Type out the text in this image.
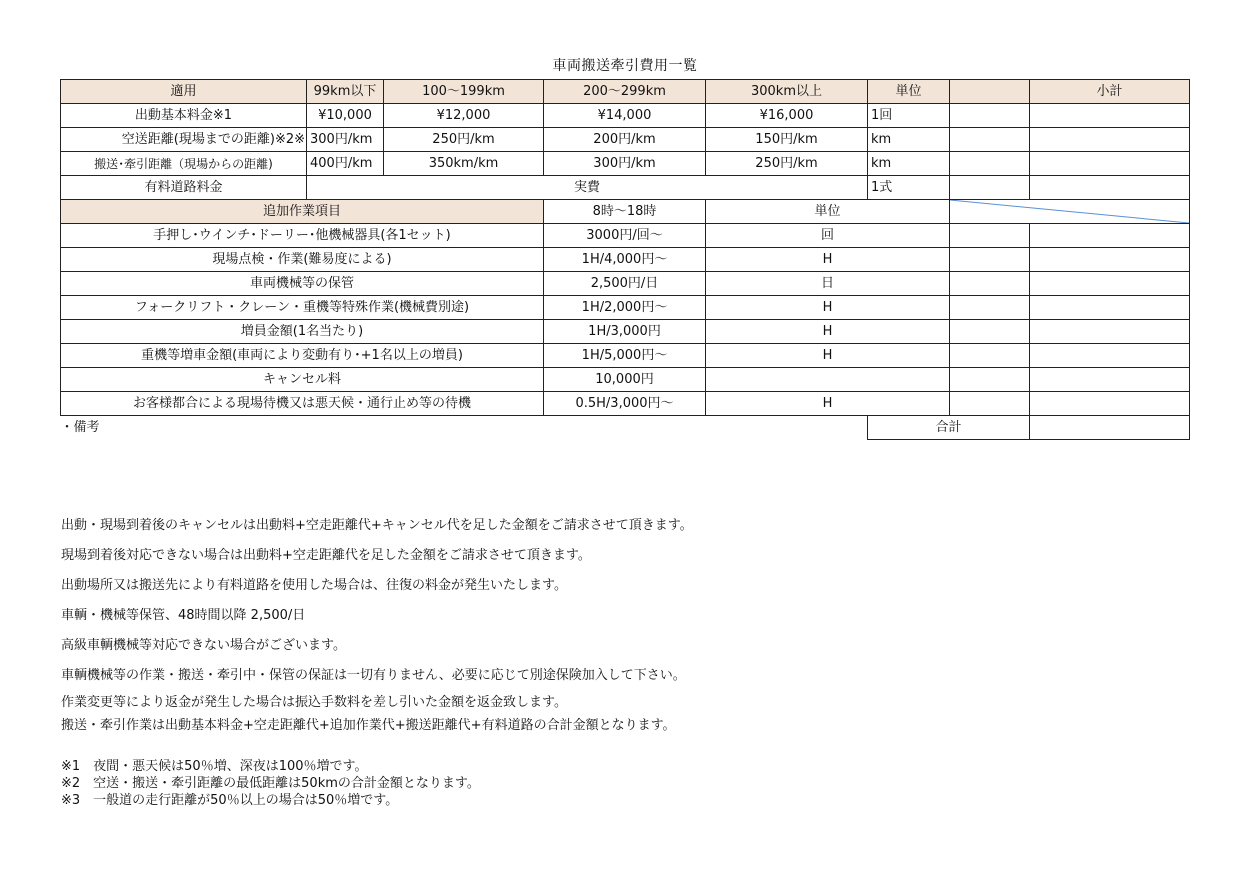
車両搬送牽引費用一覧
適用	99km以下	100～199km	200～299km	300km以上	単位		小計
出動基本料金※1	¥10,000	¥12,000	¥14,000	¥16,000	1回		
空送距離(現場までの距離)※2※	300円/km	250円/km	200円/km	150円/km	km		
搬送･牽引距離（現場からの距離)	400円/km	350km/km	300円/km	250円/km	km		
有料道路料金	実費				1式		
追加作業項目			8時～18時	単位	

手押し･ウインチ･ドーリー･他機械器具(各1セット)			3000円/回～	回			
現場点検・作業(難易度による)			1H/4,000円～	H			
車両機械等の保管			2,500円/日	日			
フォークリフト・クレーン・重機等特殊作業(機械費別途)			1H/2,000円～	H			
増員金額(1名当たり)			1H/3,000円	H			
重機等増車金額(車両により変動有り･+1名以上の増員)			1H/5,000円～	H			
キャンセル料			10,000円				
お客様都合による現場待機又は悪天候・通行止め等の待機			0.5H/3,000円～	H			
・備考					合計		
出動・現場到着後のキャンセルは出動料+空走距離代+キャンセル代を足した金額をご請求させて頂きます。
現場到着後対応できない場合は出動料+空走距離代を足した金額をご請求させて頂きます。
出動場所又は搬送先により有料道路を使用した場合は、往復の料金が発生いたします。
車輌・機械等保管、48時間以降 2,500/日
高級車輌機械等対応できない場合がございます。
車輌機械等の作業・搬送・牽引中・保管の保証は一切有りません、必要に応じて別途保険加入して下さい。
作業変更等により返金が発生した場合は振込手数料を差し引いた金額を返金致します。
搬送・牽引作業は出動基本料金+空走距離代+追加作業代+搬送距離代+有料道路の合計金額となります。
※1　夜間・悪天候は50％増、深夜は100％増です。
※2　空送・搬送・牽引距離の最低距離は50kmの合計金額となります。
※3　一般道の走行距離が50％以上の場合は50％増です。
